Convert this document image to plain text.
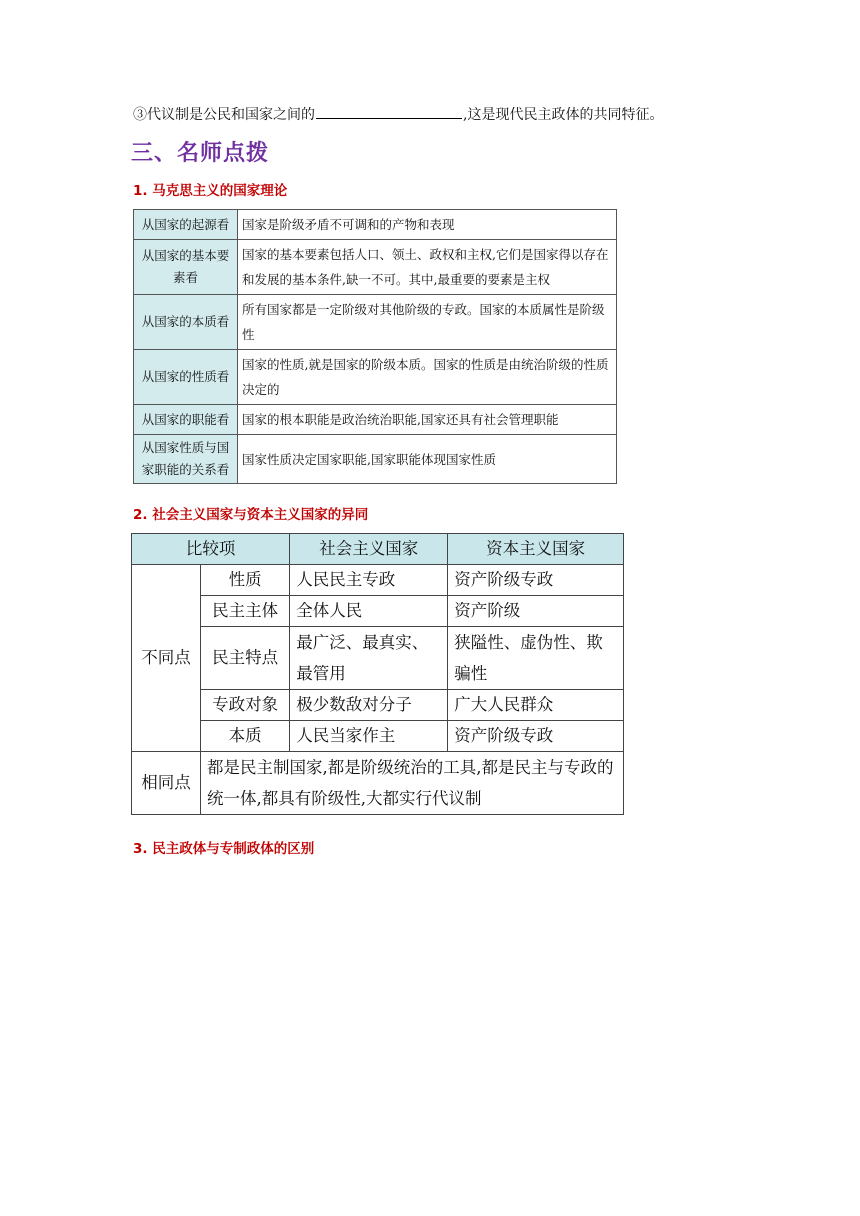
③代议制是公民和国家之间的	,这是现代民主政体的共同特征。
三、名师点拨
1. 马克思主义的国家理论
从国家的起源看	国家是阶级矛盾不可调和的产物和表现
从国家的基本要素看	国家的基本要素包括人口、领土、政权和主权,它们是国家得以存在和发展的基本条件,缺一不可。其中,最重要的要素是主权
从国家的本质看	所有国家都是一定阶级对其他阶级的专政。国家的本质属性是阶级性
从国家的性质看	国家的性质,就是国家的阶级本质。国家的性质是由统治阶级的性质决定的
从国家的职能看	国家的根本职能是政治统治职能,国家还具有社会管理职能
从国家性质与国家职能的关系看	国家性质决定国家职能,国家职能体现国家性质
2. 社会主义国家与资本主义国家的异同
比较项		社会主义国家	资本主义国家
不同点	性质	人民民主专政	资产阶级专政
	民主主体	全体人民	资产阶级
	民主特点	最广泛、最真实、最管用	狭隘性、虚伪性、欺骗性
	专政对象	极少数敌对分子	广大人民群众
	本质	人民当家作主	资产阶级专政
相同点	都是民主制国家,都是阶级统治的工具,都是民主与专政的统一体,都具有阶级性,大都实行代议制		
3. 民主政体与专制政体的区别
